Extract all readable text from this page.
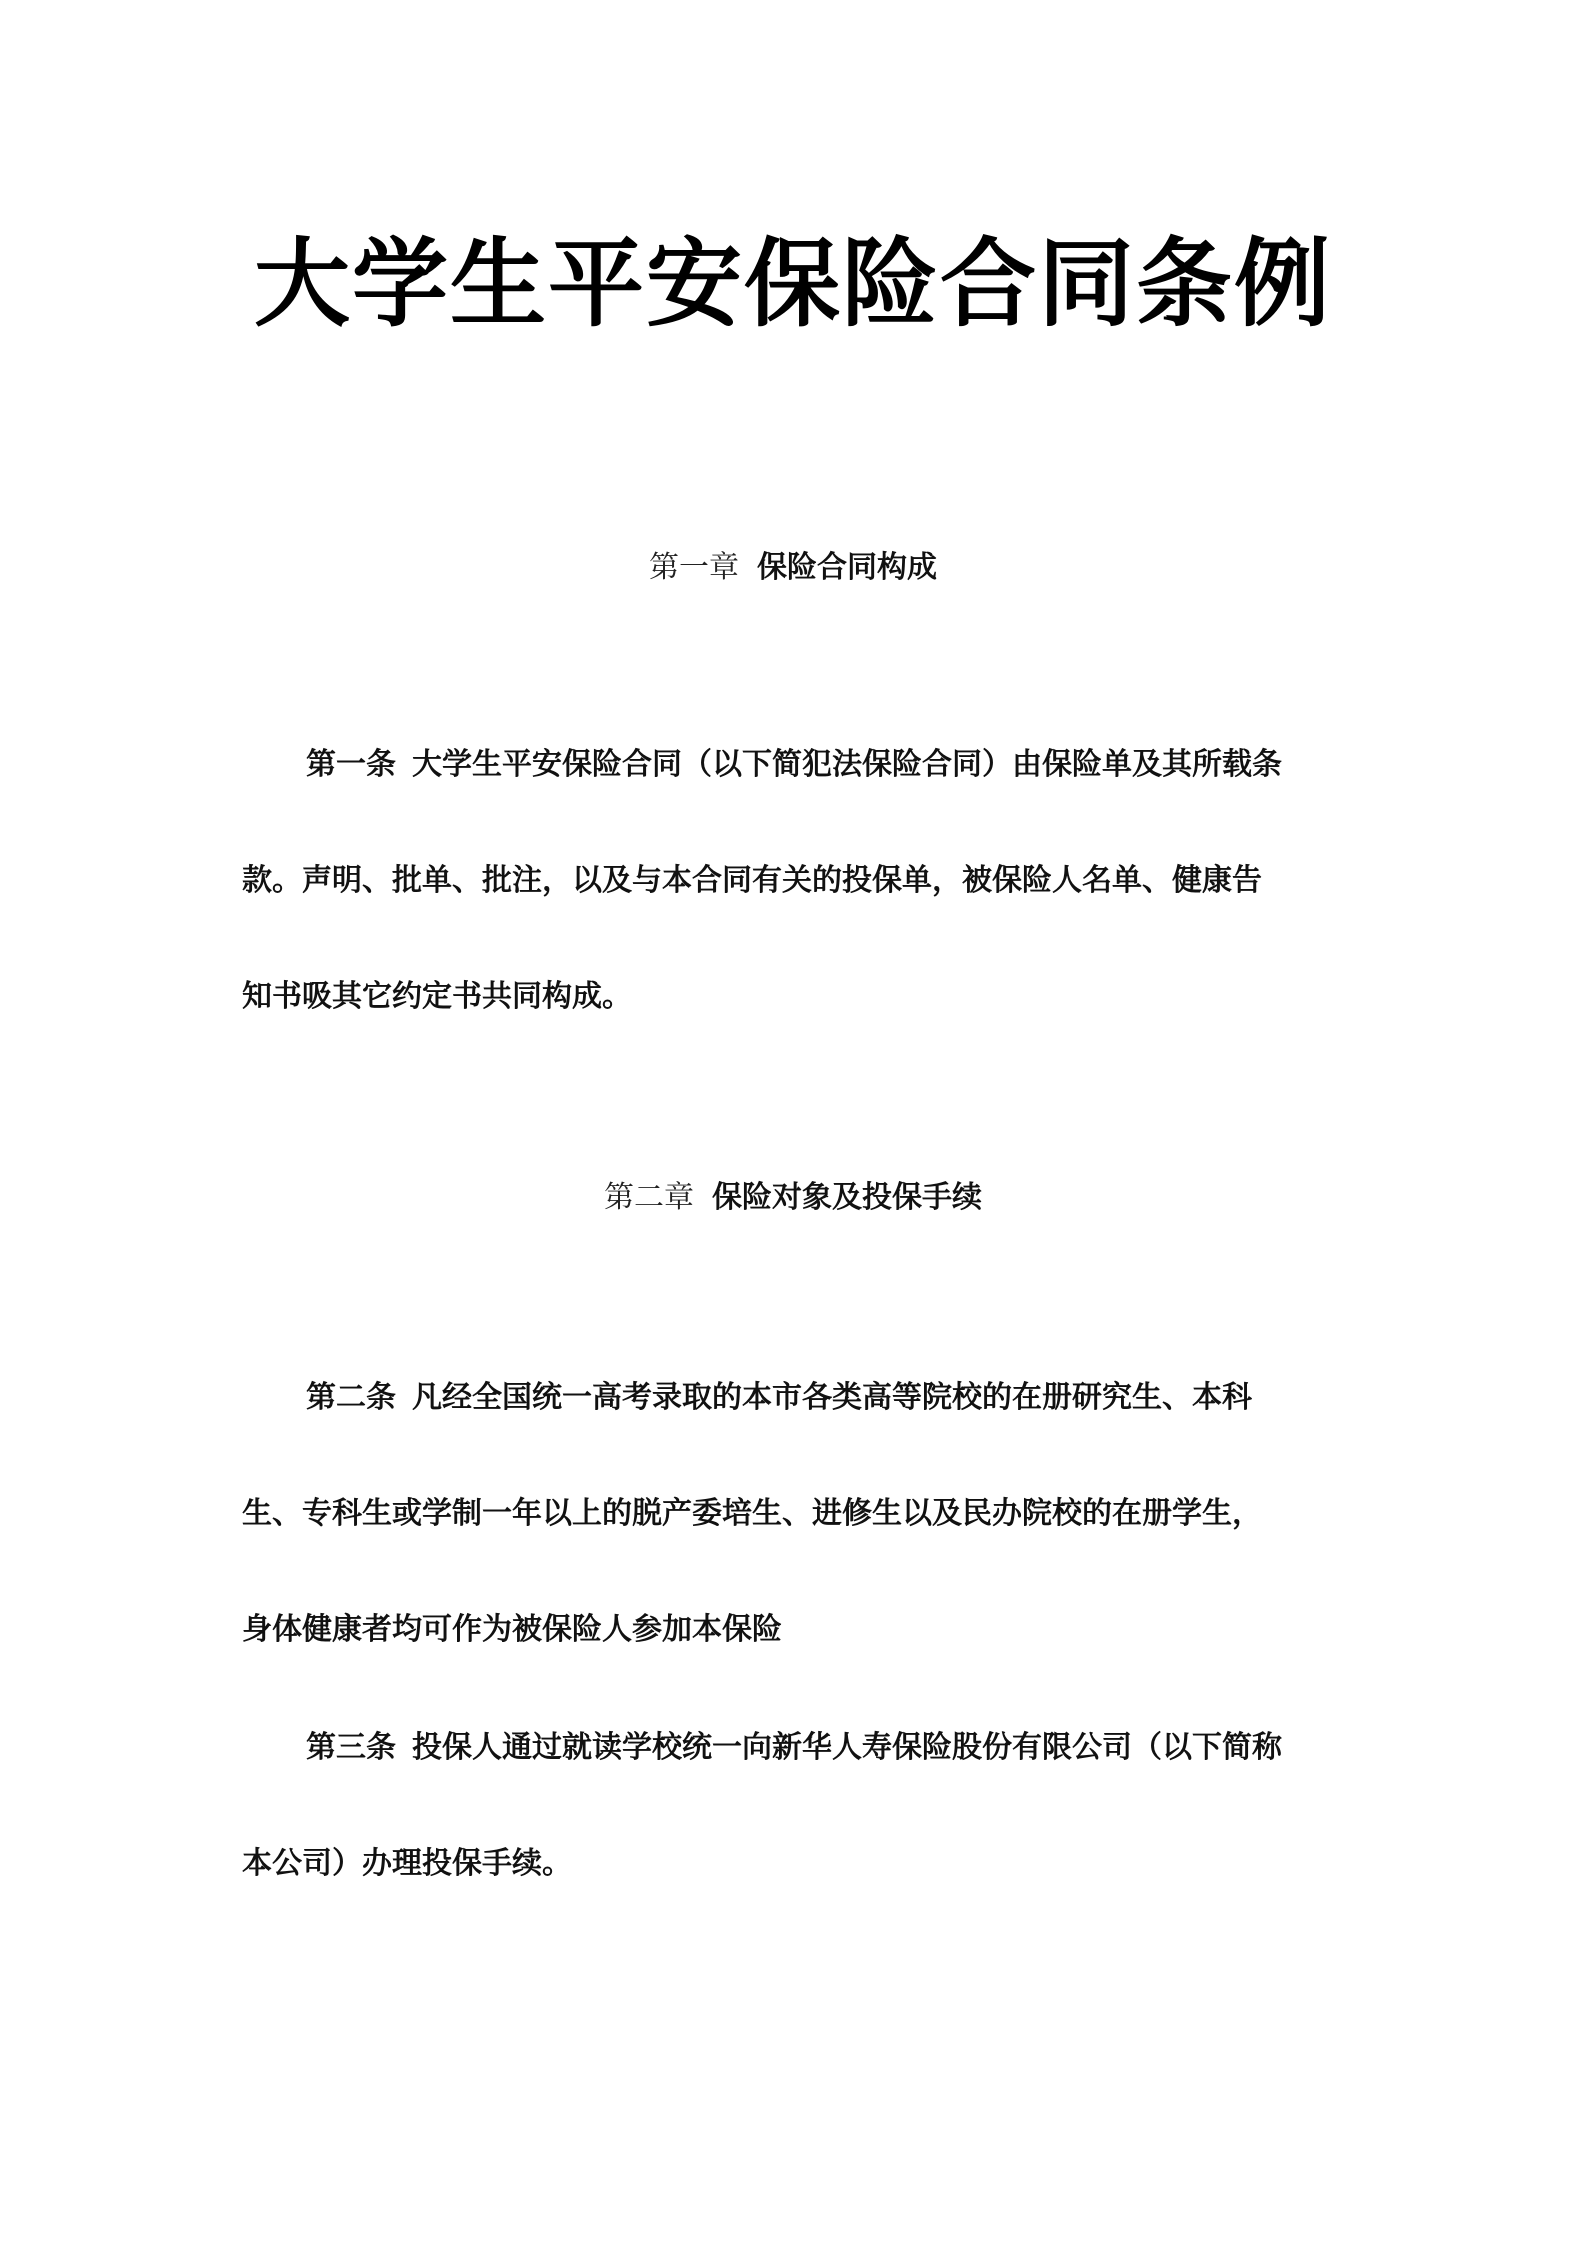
大学生平安保险合同条例
第一章 保险合同构成
第一条 大学生平安保险合同（以下简犯法保险合同）由保险单及其所载条
款。声明、批单、批注，以及与本合同有关的投保单，被保险人名单、健康告
知书吸其它约定书共同构成。
第二章 保险对象及投保手续
第二条 凡经全国统一高考录取的本市各类高等院校的在册研究生、本科
生、专科生或学制一年以上的脱产委培生、进修生以及民办院校的在册学生，
身体健康者均可作为被保险人参加本保险
第三条 投保人通过就读学校统一向新华人寿保险股份有限公司（以下简称
本公司）办理投保手续。
